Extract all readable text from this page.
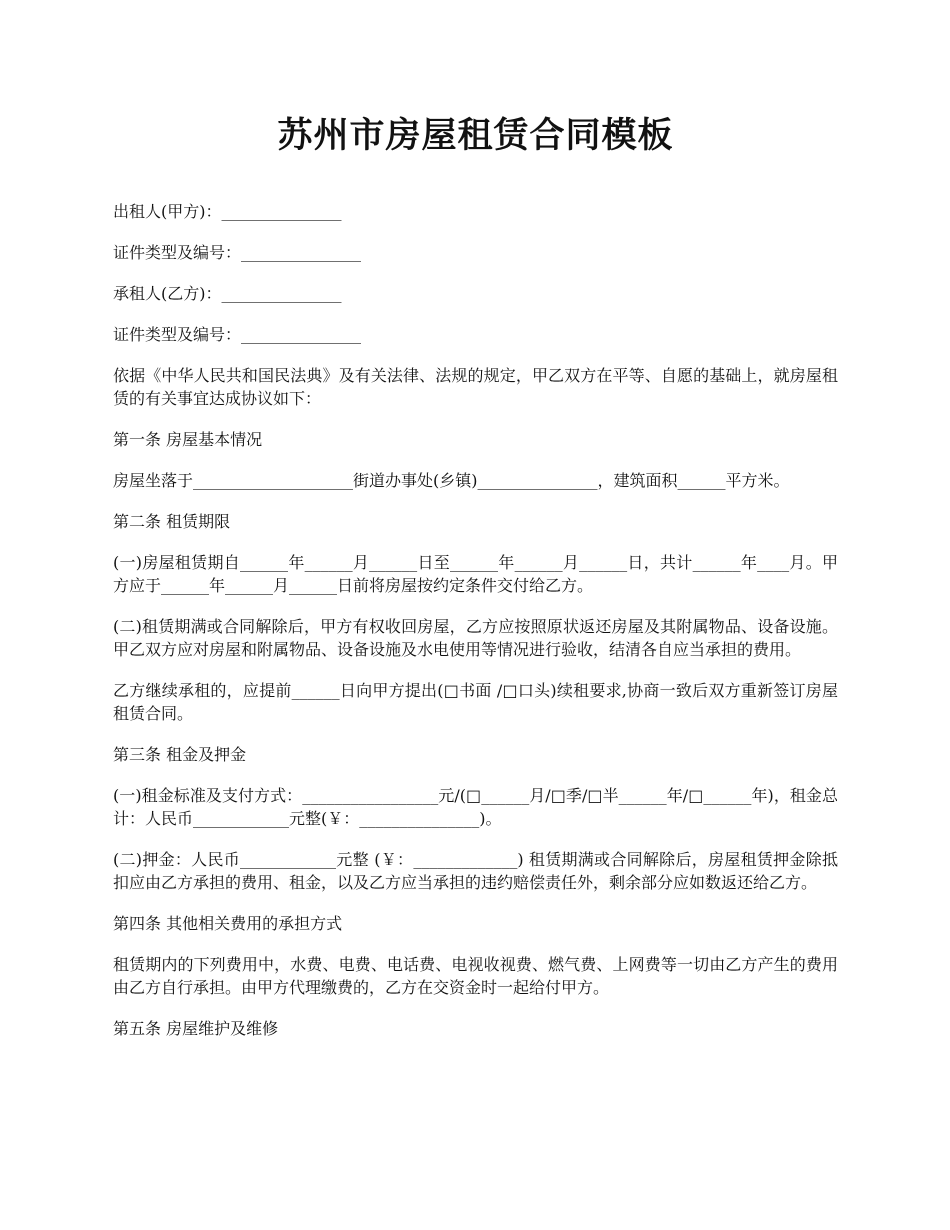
苏州市房屋租赁合同模板

出租人(甲方)：_______________

证件类型及编号：_______________

承租人(乙方)：_______________

证件类型及编号：_______________

依据《中华人民共和国民法典》及有关法律、法规的规定，甲乙双方在平等、自愿的基础上，就房屋租赁的有关事宜达成协议如下：

第一条 房屋基本情况

房屋坐落于____________________街道办事处(乡镇)_______________，建筑面积______平方米。

第二条 租赁期限

(一)房屋租赁期自______年______月______日至______年______月______日，共计______年____月。甲方应于______年______月______日前将房屋按约定条件交付给乙方。

(二)租赁期满或合同解除后，甲方有权收回房屋，乙方应按照原状返还房屋及其附属物品、设备设施。甲乙双方应对房屋和附属物品、设备设施及水电使用等情况进行验收，结清各自应当承担的费用。

乙方继续承租的，应提前______日向甲方提出(□书面 /□口头)续租要求,协商一致后双方重新签订房屋租赁合同。

第三条 租金及押金

(一)租金标准及支付方式：_________________元/(□______月/□季/□半______年/□______年)，租金总计：人民币____________元整(￥：_______________)。

(二)押金：人民币____________元整 (￥：_____________) 租赁期满或合同解除后，房屋租赁押金除抵扣应由乙方承担的费用、租金，以及乙方应当承担的违约赔偿责任外，剩余部分应如数返还给乙方。

第四条 其他相关费用的承担方式

租赁期内的下列费用中，水费、电费、电话费、电视收视费、燃气费、上网费等一切由乙方产生的费用由乙方自行承担。由甲方代理缴费的，乙方在交资金时一起给付甲方。

第五条 房屋维护及维修
